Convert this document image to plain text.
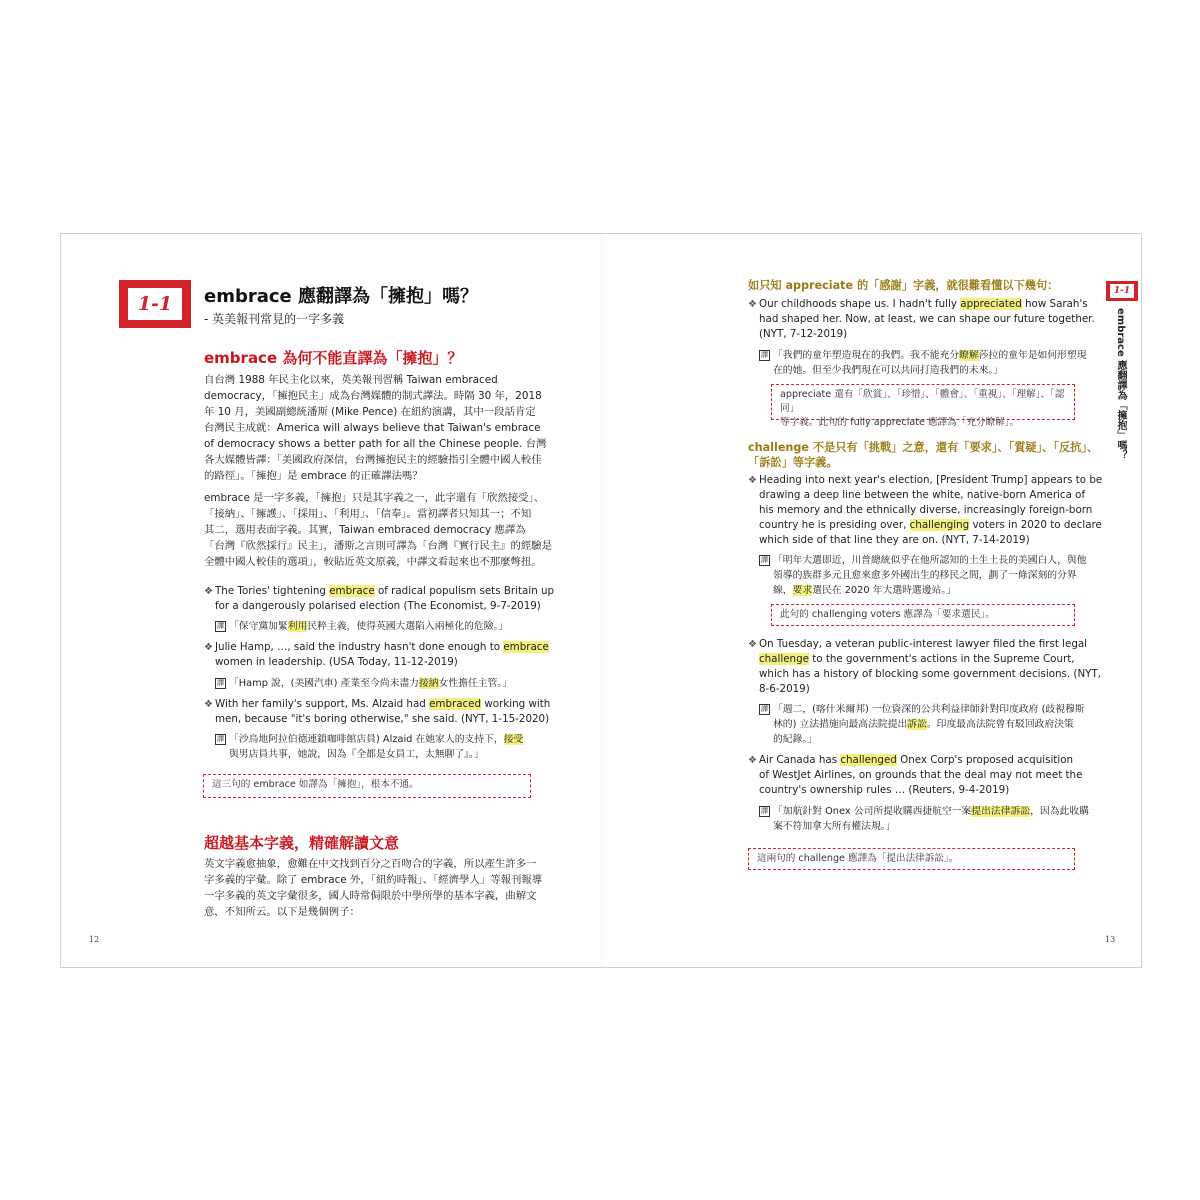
1-1	embrace 應翻譯為「擁抱」嗎？
- 英美報刊常見的一字多義
embrace 為何不能直譯為「擁抱」？
自台灣 1988 年民主化以來，英美報刊習稱 Taiwan embraced
democracy，「擁抱民主」成為台灣媒體的制式譯法。時隔 30 年，2018
年 10 月，美國副總統潘斯 (Mike Pence) 在紐約演講，其中一段話肯定
台灣民主成就：America will always believe that Taiwan's embrace
of democracy shows a better path for all the Chinese people. 台灣
各大媒體皆譯：「美國政府深信，台灣擁抱民主的經驗指引全體中國人較佳
的路徑」。「擁抱」是 embrace 的正確譯法嗎？
embrace 是一字多義，「擁抱」只是其字義之一，此字還有「欣然接受」、
「接納」、「擁護」、「採用」、「利用」、「信奉」。當初譯者只知其一；不知
其二，選用表面字義。其實，Taiwan embraced democracy 應譯為
「台灣『欣然採行』民主」，潘斯之言則可譯為「台灣『實行民主』的經驗是
全體中國人較佳的選項」，較貼近英文原義，中譯文看起來也不那麼彆扭。
❖ The Tories' tightening embrace of radical populism sets Britain up
for a dangerously polarised election (The Economist, 9-7-2019)
譯 「保守黨加緊利用民粹主義，使得英國大選陷入兩極化的危險。」
❖ Julie Hamp, …, said the industry hasn't done enough to embrace
women in leadership. (USA Today, 11-12-2019)
譯 「Hamp 說，(美國汽車) 產業至今尚未盡力接納女性擔任主管。」
❖ With her family's support, Ms. Alzaid had embraced working with
men, because "it's boring otherwise," she said. (NYT, 1-15-2020)
譯 「沙烏地阿拉伯德連鎖咖啡館店員) Alzaid 在她家人的支持下，接受
與男店員共事，她說，因為『全都是女員工，太無聊了』。」
這三句的 embrace 如譯為「擁抱」，根本不通。
超越基本字義，精確解讀文意
英文字義愈抽象，愈難在中文找到百分之百吻合的字義，所以產生許多一
字多義的字彙。除了 embrace 外，「紐約時報」、「經濟學人」等報刊報導
一字多義的英文字彙很多，國人時常侷限於中學所學的基本字義，曲解文
意，不知所云。以下是幾個例子：
12
如只知 appreciate 的「感謝」字義，就很難看懂以下幾句：
❖ Our childhoods shape us. I hadn't fully appreciated how Sarah's
had shaped her. Now, at least, we can shape our future together.
(NYT, 7-12-2019)
譯 「我們的童年塑造現在的我們。我不能充分瞭解莎拉的童年是如何形塑現
在的她。但至少我們現在可以共同打造我們的未來。」
appreciate 還有「欣賞」、「珍惜」、「體會」、「重視」、「理解」、「認同」
等字義。此句的 fully appreciate 應譯為「充分瞭解」。
challenge 不是只有「挑戰」之意，還有「要求」、「質疑」、「反抗」、
「訴訟」等字義。
❖ Heading into next year's election, [President Trump] appears to be
drawing a deep line between the white, native-born America of
his memory and the ethnically diverse, increasingly foreign-born
country he is presiding over, challenging voters in 2020 to declare
which side of that line they are on. (NYT, 7-14-2019)
譯 「明年大選即近，川普總統似乎在他所認知的土生土長的美國白人，與他
領導的族群多元且愈來愈多外國出生的移民之間，劃了一條深刻的分界
線，要求選民在 2020 年大選時選邊站。」
此句的 challenging voters 應譯為「要求選民」。
❖ On Tuesday, a veteran public-interest lawyer filed the first legal
challenge to the government's actions in the Supreme Court,
which has a history of blocking some government decisions. (NYT,
8-6-2019)
譯 「週二，(喀什米爾邦) 一位資深的公共利益律師針對印度政府 (歧視穆斯
林的) 立法措施向最高法院提出訴訟。印度最高法院曾有駁回政府決策
的紀錄。」
❖ Air Canada has challenged Onex Corp's proposed acquisition
of WestJet Airlines, on grounds that the deal may not meet the
country's ownership rules … (Reuters, 9-4-2019)
譯 「加航針對 Onex 公司所提收購西捷航空一案提出法律訴訟，因為此收購
案不符加拿大所有權法規。」
這兩句的 challenge 應譯為「提出法律訴訟」。
1-1
embrace 應翻譯為「擁抱」嗎？
13
